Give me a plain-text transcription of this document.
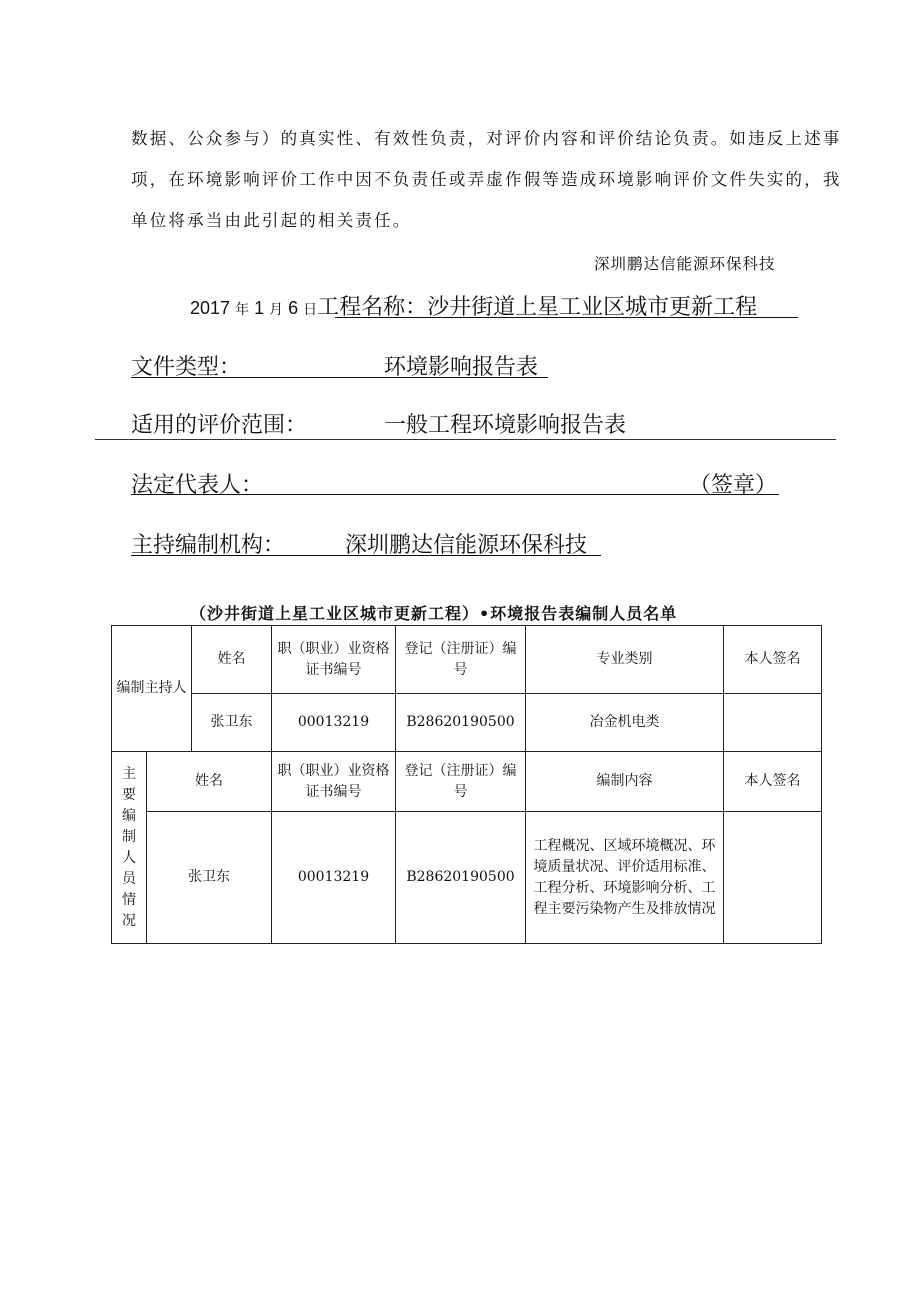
数据、公众参与）的真实性、有效性负责，对评价内容和评价结论负责。如违反上述事

项，在环境影响评价工作中因不负责任或弄虚作假等造成环境影响评价文件失实的，我

单位将承当由此引起的相关责任。

深圳鹏达信能源环保科技
2017 年 1 月 6 日工程名称：沙井街道上星工业区城市更新工程
文件类型：	环境影响报告表
适用的评价范围：	一般工程环境影响报告表
法定代表人：	（签章）
主持编制机构：	深圳鹏达信能源环保科技
（沙井街道上星工业区城市更新工程）•环境报告表编制人员名单
编制主持人		姓名	职（职业）业资格证书编号	登记（注册证）编号	专业类别	本人签名
		张卫东	00013219	B28620190500	冶金机电类	

主要编制人员情况	姓名		职（职业）业资格证书编号	登记（注册证）编号	编制内容	本人签名
	张卫东		00013219	B28620190500	工程概况、区域环境概况、环境质量状况、评价适用标准、工程分析、环境影响分析、工程主要污染物产生及排放情况	
